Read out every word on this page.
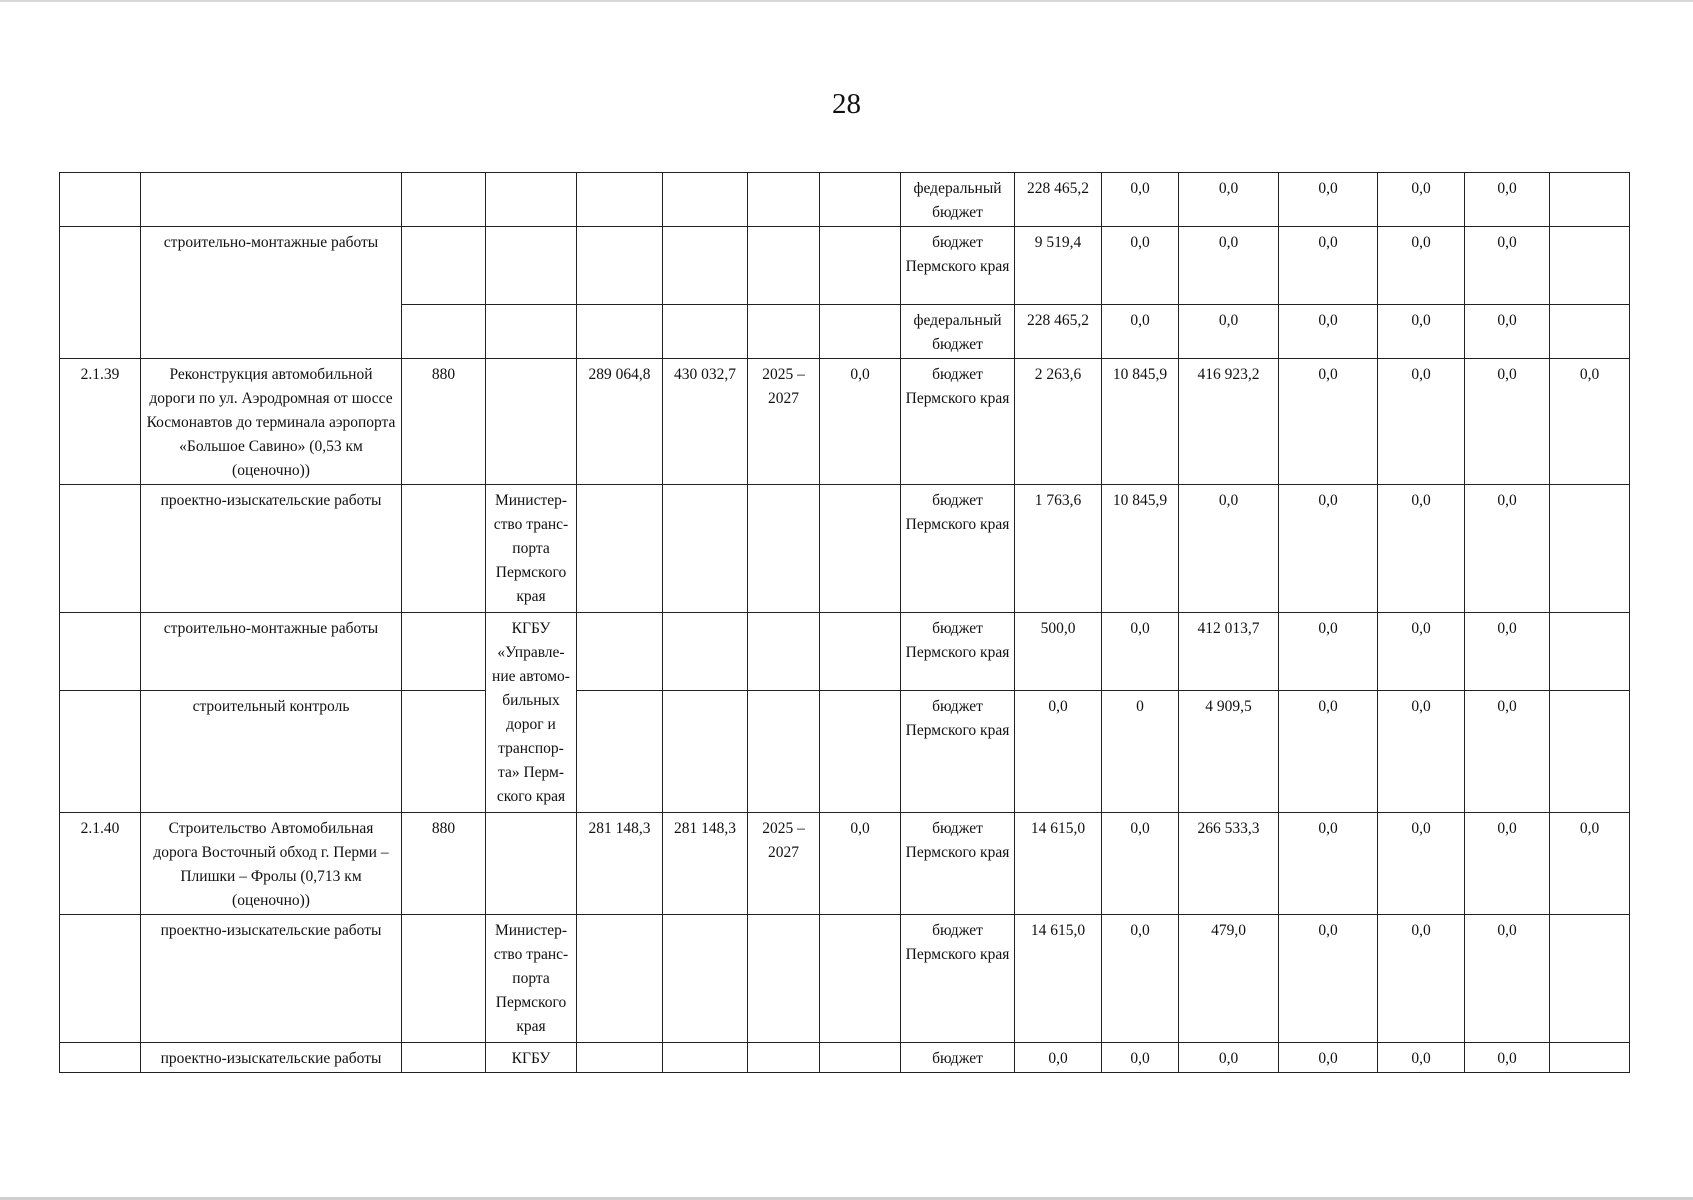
28
								федеральный бюджет	228 465,2	0,0	0,0	0,0	0,0	0,0	
	строительно-монтажные работы							бюджет Пермского края	9 519,4	0,0	0,0	0,0	0,0	0,0	
								федеральный бюджет	228 465,2	0,0	0,0	0,0	0,0	0,0	
2.1.39	Реконструкция автомобильной дороги по ул. Аэродромная от шоссе Космонавтов до терминала аэропорта «Большое Савино» (0,53 км (оценочно))	880		289 064,8	430 032,7	2025 – 2027	0,0	бюджет Пермского края	2 263,6	10 845,9	416 923,2	0,0	0,0	0,0	0,0
	проектно-изыскательские работы		Министер-ство транс-порта Пермского края					бюджет Пермского края	1 763,6	10 845,9	0,0	0,0	0,0	0,0	
	строительно-монтажные работы		КГБУ «Управле-ние автомо-бильных дорог и транспор-та» Перм-ского края					бюджет Пермского края	500,0	0,0	412 013,7	0,0	0,0	0,0	
	строительный контроль							бюджет Пермского края	0,0	0	4 909,5	0,0	0,0	0,0	
2.1.40	Строительство Автомобильная дорога Восточный обход г. Перми – Плишки – Фролы (0,713 км (оценочно))	880		281 148,3	281 148,3	2025 – 2027	0,0	бюджет Пермского края	14 615,0	0,0	266 533,3	0,0	0,0	0,0	0,0
	проектно-изыскательские работы		Министер-ство транс-порта Пермского края					бюджет Пермского края	14 615,0	0,0	479,0	0,0	0,0	0,0	
	проектно-изыскательские работы		КГБУ					бюджет	0,0	0,0	0,0	0,0	0,0	0,0	
